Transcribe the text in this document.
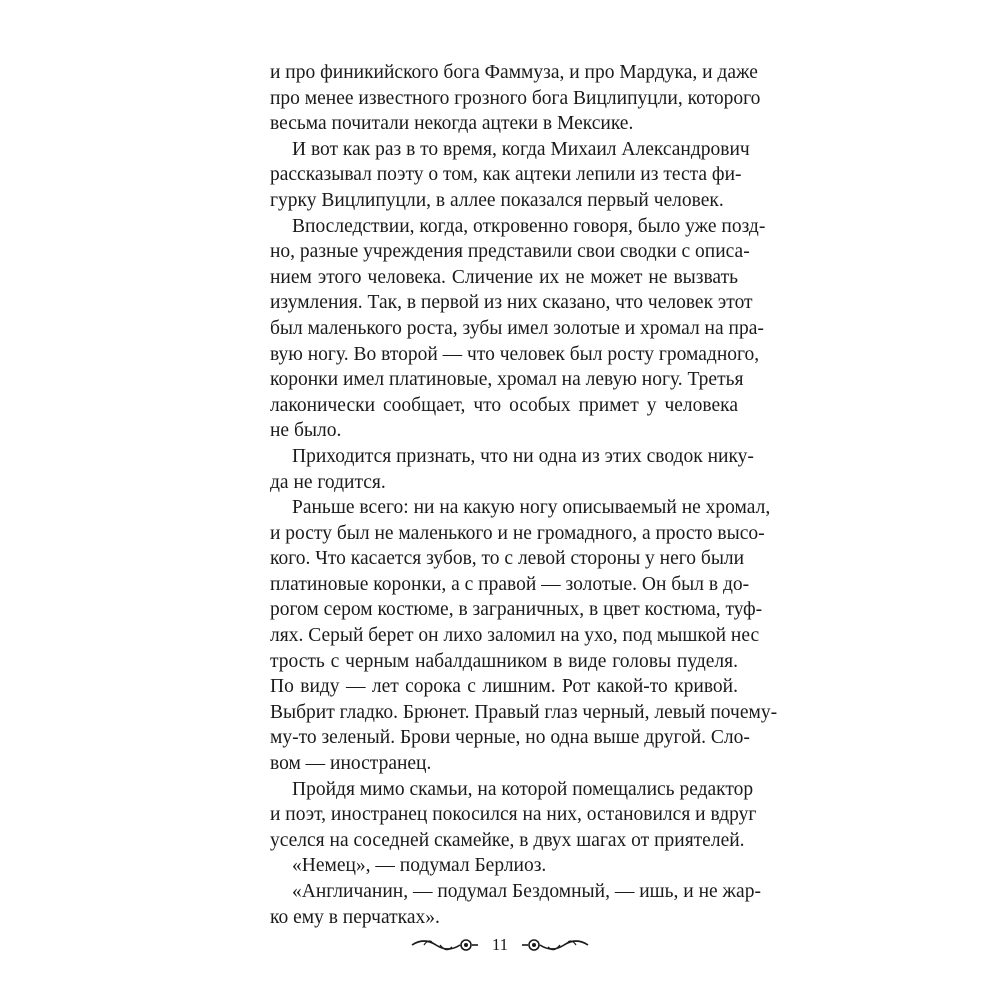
и про финикийского бога Фаммуза, и про Мардука, и даже
про менее известного грозного бога Вицлипуцли, которого
весьма почитали некогда ацтеки в Мексике.
И вот как раз в то время, когда Михаил Александрович
рассказывал поэту о том, как ацтеки лепили из теста фи-
гурку Вицлипуцли, в аллее показался первый человек.
Впоследствии, когда, откровенно говоря, было уже позд-
но, разные учреждения представили свои сводки с описа-
нием этого человека. Сличение их не может не вызвать
изумления. Так, в первой из них сказано, что человек этот
был маленького роста, зубы имел золотые и хромал на пра-
вую ногу. Во второй — что человек был росту громадного,
коронки имел платиновые, хромал на левую ногу. Третья
лаконически сообщает, что особых примет у человека
не было.
Приходится признать, что ни одна из этих сводок нику-
да не годится.
Раньше всего: ни на какую ногу описываемый не хромал,
и росту был не маленького и не громадного, а просто высо-
кого. Что касается зубов, то с левой стороны у него были
платиновые коронки, а с правой — золотые. Он был в до-
рогом сером костюме, в заграничных, в цвет костюма, туф-
лях. Серый берет он лихо заломил на ухо, под мышкой нес
трость с черным набалдашником в виде головы пуделя.
По виду — лет сорока с лишним. Рот какой-то кривой.
Выбрит гладко. Брюнет. Правый глаз черный, левый почему-
му-то зеленый. Брови черные, но одна выше другой. Сло-
вом — иностранец.
Пройдя мимо скамьи, на которой помещались редактор
и поэт, иностранец покосился на них, остановился и вдруг
уселся на соседней скамейке, в двух шагах от приятелей.
«Немец», — подумал Берлиоз.
«Англичанин, — подумал Бездомный, — ишь, и не жар-
ко ему в перчатках».
11
